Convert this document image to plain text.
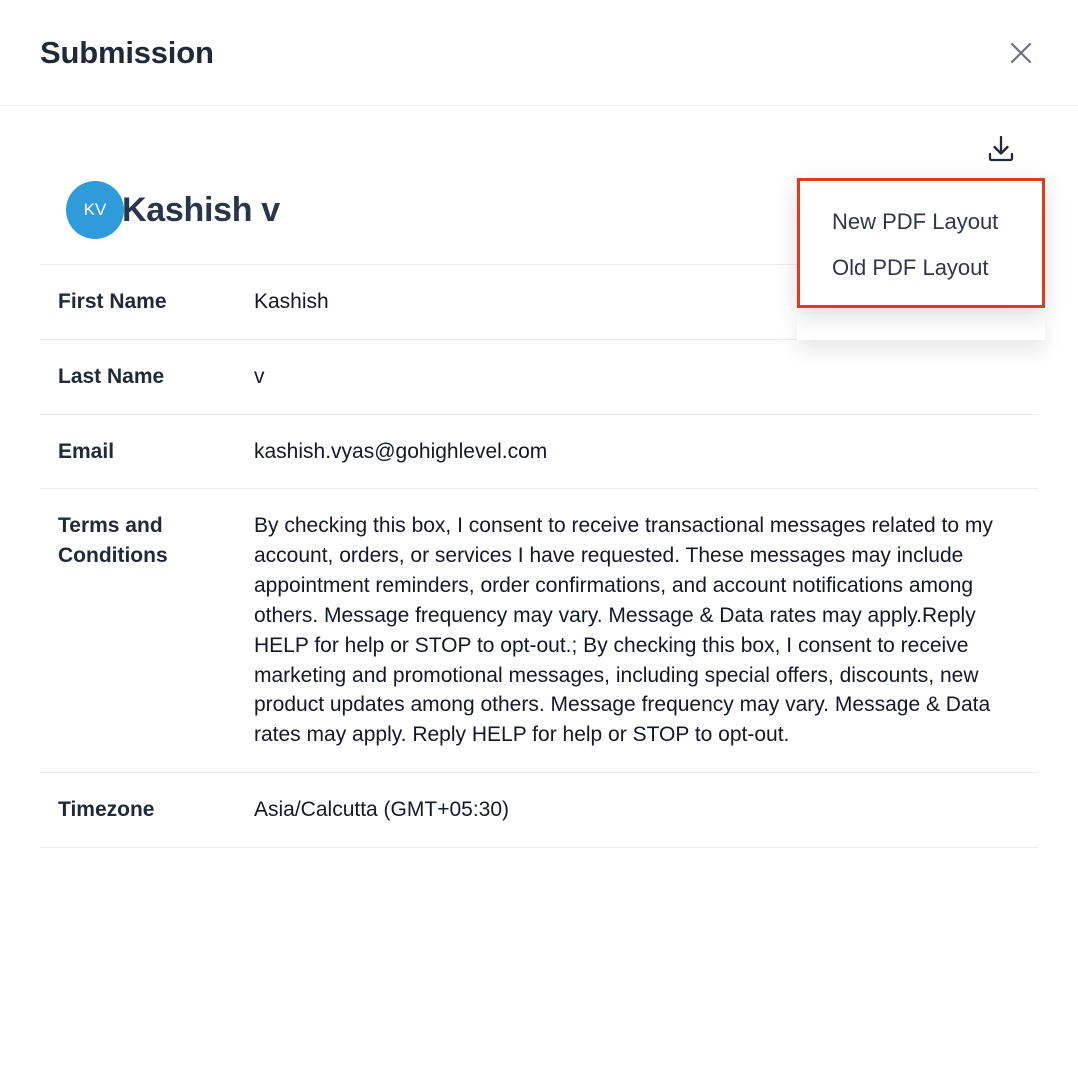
Submission
KV Kashish v
First Name	Kashish
Last Name	v
Email	kashish.vyas@gohighlevel.com
Terms and Conditions	By checking this box, I consent to receive transactional messages related to my account, orders, or services I have requested. These messages may include appointment reminders, order confirmations, and account notifications among others. Message frequency may vary. Message & Data rates may apply.Reply HELP for help or STOP to opt-out.; By checking this box, I consent to receive marketing and promotional messages, including special offers, discounts, new product updates among others. Message frequency may vary. Message & Data rates may apply. Reply HELP for help or STOP to opt-out.
Timezone	Asia/Calcutta (GMT+05:30)
New PDF Layout
Old PDF Layout
